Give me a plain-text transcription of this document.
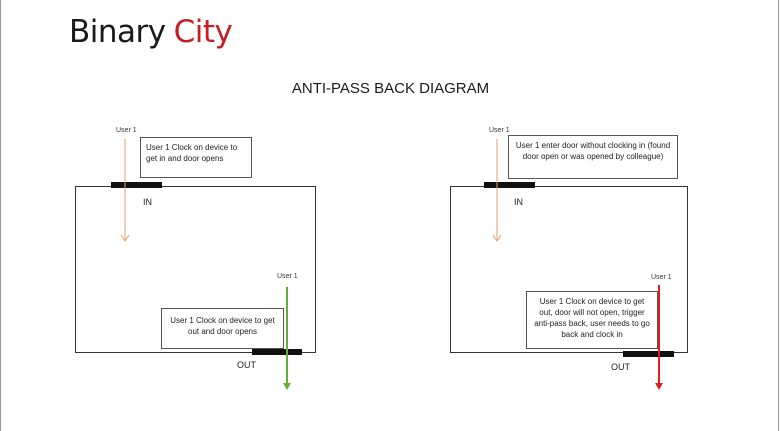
Binary City
ANTI-PASS BACK DIAGRAM
User 1
User 1 Clock on device to get in and door opens
IN
User 1
User 1 Clock on device to get out and door opens
OUT
User 1
User 1 enter door without clocking in (found door open or was opened by colleague)
IN
User 1
User 1 Clock on device to get out, door will not open, trigger anti-pass back, user needs to go back and clock in
OUT
